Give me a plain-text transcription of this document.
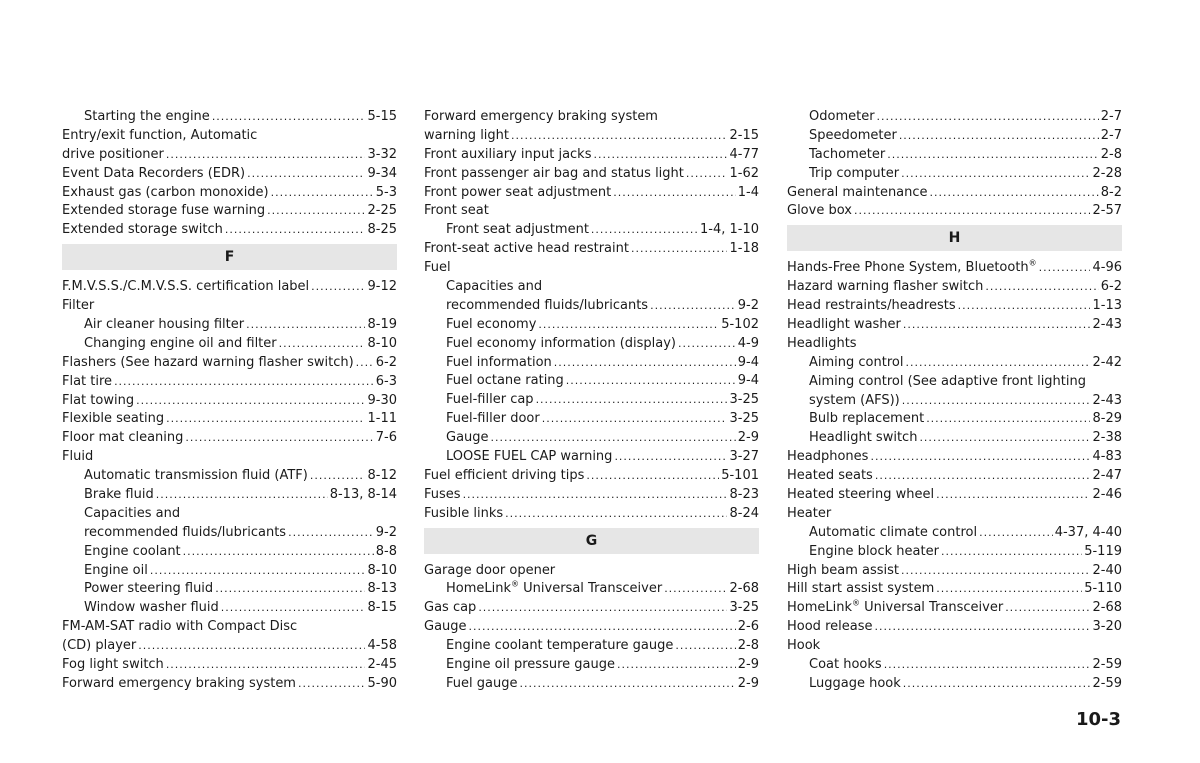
Starting the engine .....	5-15
Entry/exit function, Automatic
drive positioner .....	3-32
Event Data Recorders (EDR) .....	9-34
Exhaust gas (carbon monoxide) .....	5-3
Extended storage fuse warning .....	2-25
Extended storage switch .....	8-25
F
F.M.V.S.S./C.M.V.S.S. certification label .....	9-12
Filter
Air cleaner housing filter .....	8-19
Changing engine oil and filter .....	8-10
Flashers (See hazard warning flasher switch) ..... 6-2
Flat tire .....	6-3
Flat towing .....	9-30
Flexible seating .....	1-11
Floor mat cleaning .....	7-6
Fluid
Automatic transmission fluid (ATF) .....	8-12
Brake fluid .....	8-13, 8-14
Capacities and
recommended fluids/lubricants .....	9-2
Engine coolant .....	8-8
Engine oil .....	8-10
Power steering fluid .....	8-13
Window washer fluid .....	8-15
FM-AM-SAT radio with Compact Disc
(CD) player .....	4-58
Fog light switch .....	2-45
Forward emergency braking system .....	5-90
Forward emergency braking system
warning light .....	2-15
Front auxiliary input jacks .....	4-77
Front passenger air bag and status light .....	1-62
Front power seat adjustment .....	1-4
Front seat
Front seat adjustment .....	1-4, 1-10
Front-seat active head restraint .....	1-18
Fuel
Capacities and
recommended fluids/lubricants .....	9-2
Fuel economy .....	5-102
Fuel economy information (display) .....	4-9
Fuel information .....	9-4
Fuel octane rating .....	9-4
Fuel-filler cap .....	3-25
Fuel-filler door .....	3-25
Gauge .....	2-9
LOOSE FUEL CAP warning .....	3-27
Fuel efficient driving tips .....	5-101
Fuses .....	8-23
Fusible links .....	8-24
G
Garage door opener
HomeLink® Universal Transceiver .....	2-68
Gas cap .....	3-25
Gauge .....	2-6
Engine coolant temperature gauge .....	2-8
Engine oil pressure gauge .....	2-9
Fuel gauge .....	2-9
Odometer .....	2-7
Speedometer .....	2-7
Tachometer .....	2-8
Trip computer .....	2-28
General maintenance .....	8-2
Glove box .....	2-57
H
Hands-Free Phone System, Bluetooth® .....	4-96
Hazard warning flasher switch .....	6-2
Head restraints/headrests .....	1-13
Headlight washer .....	2-43
Headlights
Aiming control .....	2-42
Aiming control (See adaptive front lighting
system (AFS)) .....	2-43
Bulb replacement .....	8-29
Headlight switch .....	2-38
Headphones .....	4-83
Heated seats .....	2-47
Heated steering wheel .....	2-46
Heater
Automatic climate control .....	4-37, 4-40
Engine block heater .....	5-119
High beam assist .....	2-40
Hill start assist system .....	5-110
HomeLink® Universal Transceiver .....	2-68
Hood release .....	3-20
Hook
Coat hooks .....	2-59
Luggage hook .....	2-59
10-3
